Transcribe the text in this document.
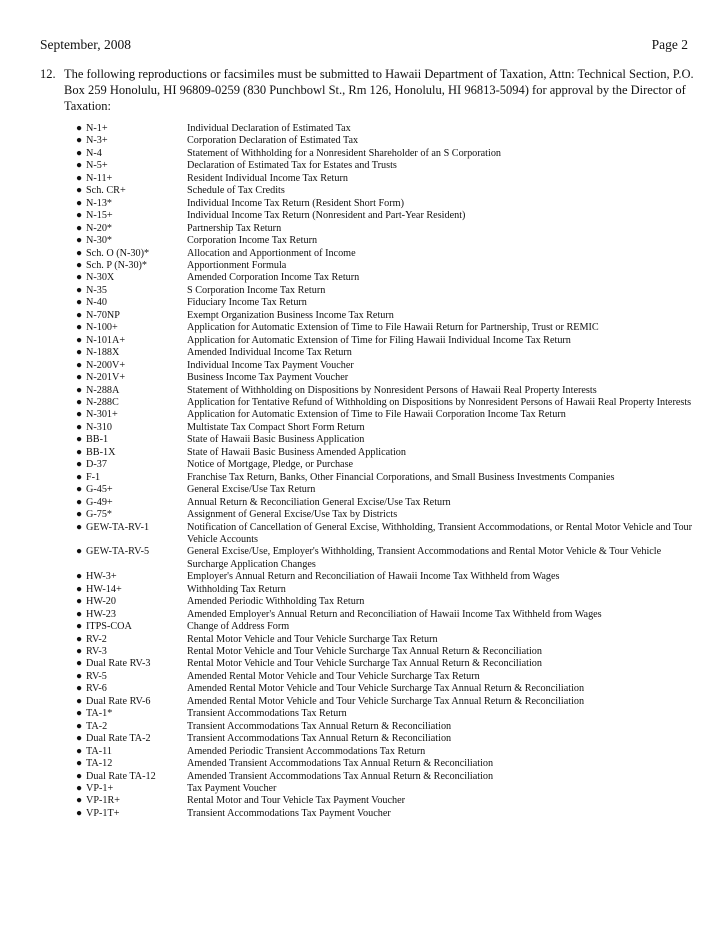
September, 2008	Page 2
12. The following reproductions or facsimiles must be submitted to Hawaii Department of Taxation, Attn: Technical Section, P.O. Box 259 Honolulu, HI 96809-0259 (830 Punchbowl St., Rm 126, Honolulu, HI 96813-5094) for approval by the Director of Taxation:
● N-1+	Individual Declaration of Estimated Tax
● N-3+	Corporation Declaration of Estimated Tax
● N-4	Statement of Withholding for a Nonresident Shareholder of an S Corporation
● N-5+	Declaration of Estimated Tax for Estates and Trusts
● N-11+	Resident Individual Income Tax Return
● Sch. CR+	Schedule of Tax Credits
● N-13*	Individual Income Tax Return (Resident Short Form)
● N-15+	Individual Income Tax Return (Nonresident and Part-Year Resident)
● N-20*	Partnership Tax Return
● N-30*	Corporation Income Tax Return
● Sch. O (N-30)*	Allocation and Apportionment of Income
● Sch. P (N-30)*	Apportionment Formula
● N-30X	Amended Corporation Income Tax Return
● N-35	S Corporation Income Tax Return
● N-40	Fiduciary Income Tax Return
● N-70NP	Exempt Organization Business Income Tax Return
● N-100+	Application for Automatic Extension of Time to File Hawaii Return for Partnership, Trust or REMIC
● N-101A+	Application for Automatic Extension of Time for Filing Hawaii Individual Income Tax Return
● N-188X	Amended Individual Income Tax Return
● N-200V+	Individual Income Tax Payment Voucher
● N-201V+	Business Income Tax Payment Voucher
● N-288A	Statement of Withholding on Dispositions by Nonresident Persons of Hawaii Real Property Interests
● N-288C	Application for Tentative Refund of Withholding on Dispositions by Nonresident Persons of Hawaii Real Property Interests
● N-301+	Application for Automatic Extension of Time to File Hawaii Corporation Income Tax Return
● N-310	Multistate Tax Compact Short Form Return
● BB-1	State of Hawaii Basic Business Application
● BB-1X	State of Hawaii Basic Business Amended Application
● D-37	Notice of Mortgage, Pledge, or Purchase
● F-1	Franchise Tax Return, Banks, Other Financial Corporations, and Small Business Investments Companies
● G-45+	General Excise/Use Tax Return
● G-49+	Annual Return & Reconciliation General Excise/Use Tax Return
● G-75*	Assignment of General Excise/Use Tax by Districts
● GEW-TA-RV-1	Notification of Cancellation of General Excise, Withholding, Transient Accommodations, or Rental Motor Vehicle and Tour Vehicle Accounts
● GEW-TA-RV-5	General Excise/Use, Employer's Withholding, Transient Accommodations and Rental Motor Vehicle & Tour Vehicle Surcharge Application Changes
● HW-3+	Employer's Annual Return and Reconciliation of Hawaii Income Tax Withheld from Wages
● HW-14+	Withholding Tax Return
● HW-20	Amended Periodic Withholding Tax Return
● HW-23	Amended Employer's Annual Return and Reconciliation of Hawaii Income Tax Withheld from Wages
● ITPS-COA	Change of Address Form
● RV-2	Rental Motor Vehicle and Tour Vehicle Surcharge Tax Return
● RV-3	Rental Motor Vehicle and Tour Vehicle Surcharge Tax Annual Return & Reconciliation
● Dual Rate RV-3	Rental Motor Vehicle and Tour Vehicle Surcharge Tax Annual Return & Reconciliation
● RV-5	Amended Rental Motor Vehicle and Tour Vehicle Surcharge Tax Return
● RV-6	Amended Rental Motor Vehicle and Tour Vehicle Surcharge Tax Annual Return & Reconciliation
● Dual Rate RV-6	Amended Rental Motor Vehicle and Tour Vehicle Surcharge Tax Annual Return & Reconciliation
● TA-1*	Transient Accommodations Tax Return
● TA-2	Transient Accommodations Tax Annual Return & Reconciliation
● Dual Rate TA-2	Transient Accommodations Tax Annual Return & Reconciliation
● TA-11	Amended Periodic Transient Accommodations Tax Return
● TA-12	Amended Transient Accommodations Tax Annual Return & Reconciliation
● Dual Rate TA-12	Amended Transient Accommodations Tax Annual Return & Reconciliation
● VP-1+	Tax Payment Voucher
● VP-1R+	Rental Motor and Tour Vehicle Tax Payment Voucher
● VP-1T+	Transient Accommodations Tax Payment Voucher
